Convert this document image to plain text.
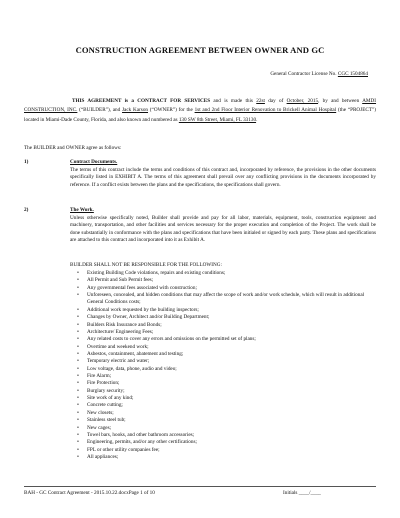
CONSTRUCTION AGREEMENT BETWEEN OWNER AND GC
General Contractor License No. CGC 1504864
THIS AGREEMENT is a CONTRACT FOR SERVICES and is made this 22st day of October, 2015, by and between AMDI CONSTRUCTION, INC. (“BUILDER”), and Jack Karson (“OWNER”) for the 1st and 2nd Floor Interior Renovation to Brickell Animal Hospital (the “PROJECT”) located in Miami-Dade County, Florida, and also known and numbered as 130 SW 8th Street, Miami, FL 33130.
The BUILDER and OWNER agree as follows:
1)	Contract Documents.
The terms of this contract include the terms and conditions of this contract and, incorporated by reference, the provisions in the other documents specifically listed in EXHIBIT A. The terms of this agreement shall prevail over any conflicting provisions in the documents incorporated by reference. If a conflict exists between the plans and the specifications, the specifications shall govern.
2)	The Work.
Unless otherwise specifically noted, Builder shall provide and pay for all labor, materials, equipment, tools, construction equipment and machinery, transportation, and other facilities and services necessary for the proper execution and completion of the Project. The work shall be done substantially in conformance with the plans and specifications that have been initialed or signed by each party. These plans and specifications are attached to this contract and incorporated into it as Exhibit A.
BUILDER SHALL NOT BE RESPONSIBLE FOR THE FOLLOWING:
• Existing Building Code violations, repairs and existing conditions;
• All Permit and Sub Permit fees;
• Any governmental fees associated with construction;
• Unforeseen, concealed, and hidden conditions that may affect the scope of work and/or work schedule, which will result in additional General Conditions costs;
• Additional work requested by the building inspectors;
• Changes by Owner, Architect and/or Building Department;
• Builders Risk Insurance and Bonds;
• Architecture/ Engineering Fees;
• Any related costs to cover any errors and omissions on the permitted set of plans;
• Overtime and weekend work;
• Asbestos, containment, abatement and testing;
• Temporary electric and water;
• Low voltage, data, phone, audio and video;
• Fire Alarm;
• Fire Protection;
• Burglary security;
• Site work of any kind;
• Concrete cutting;
• New closets;
• Stainless steel tub;
• New cages;
• Towel bars, hooks, and other bathroom accessories;
• Engineering, permits, and/or any other certifications;
• FPL or other utility companies fee;
• All appliances;
BAH - GC Contract Agreement - 2015.10.22.docxPage 1 of 10	Initials ____/____
